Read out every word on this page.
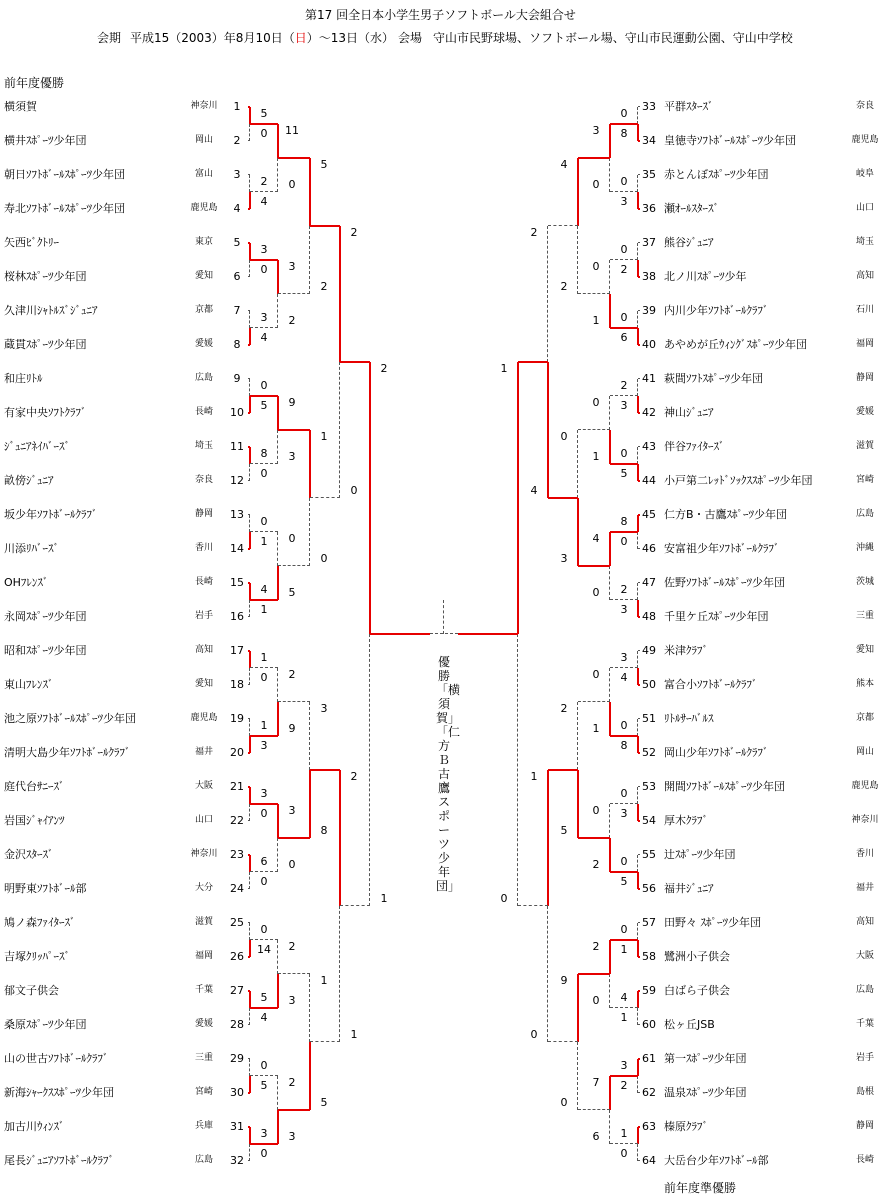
第17 回全日本小学生男子ソフトボール大会組合せ
会期 平成15（2003）年8月10日（日）～13日（水） 会場 守山市民野球場、ソフトボール場、守山市民運動公園、守山中学校
前年度優勝
前年度準優勝
優勝「横須賀」「仁方Ｂ古鷹スポーツ少年団」
横須賀	神奈川	1
横井ｽﾎﾟｰﾂ少年団	岡山	2
朝日ｿﾌﾄﾎﾞｰﾙｽﾎﾟｰﾂ少年団	富山	3
寿北ｿﾌﾄﾎﾞｰﾙｽﾎﾟｰﾂ少年団	鹿児島	4
矢西ﾋﾞｸﾄﾘｰ	東京	5
桜林ｽﾎﾟｰﾂ少年団	愛知	6
久津川ｼｬﾄﾙｽﾞｼﾞｭﾆｱ	京都	7
蔵貫ｽﾎﾟｰﾂ少年団	愛媛	8
和庄ﾘﾄﾙ	広島	9
有家中央ｿﾌﾄｸﾗﾌﾞ	長崎	10
ｼﾞｭﾆｱﾈｲﾊﾞｰｽﾞ	埼玉	11
畝傍ｼﾞｭﾆｱ	奈良	12
坂少年ｿﾌﾄﾎﾞｰﾙｸﾗﾌﾞ	静岡	13
川添ﾘﾊﾞｰｽﾞ	香川	14
OHﾌﾚﾝｽﾞ	長崎	15
永岡ｽﾎﾟｰﾂ少年団	岩手	16
昭和ｽﾎﾟｰﾂ少年団	高知	17
東山ﾌﾚﾝｽﾞ	愛知	18
池之原ｿﾌﾄﾎﾞｰﾙｽﾎﾟｰﾂ少年団	鹿児島	19
清明大島少年ｿﾌﾄﾎﾞｰﾙｸﾗﾌﾞ	福井	20
庭代台ｻﾆｰｽﾞ	大阪	21
岩国ｼﾞｬｲｱﾝﾂ	山口	22
金沢ｽﾀｰｽﾞ	神奈川	23
明野東ｿﾌﾄﾎﾞｰﾙ部	大分	24
鳩ノ森ﾌｧｲﾀｰｽﾞ	滋賀	25
吉塚ｸﾘｯﾊﾟｰｽﾞ	福岡	26
郁文子供会	千葉	27
桑原ｽﾎﾟｰﾂ少年団	愛媛	28
山の世古ｿﾌﾄﾎﾞｰﾙｸﾗﾌﾞ	三重	29
新海ｼｬｰｸｽｽﾎﾟｰﾂ少年団	宮崎	30
加古川ｳｨﾝｽﾞ	兵庫	31
尾長ｼﾞｭﾆｱｿﾌﾄﾎﾞｰﾙｸﾗﾌﾞ	広島	32
33 平群ｽﾀｰｽﾞ	奈良
34 皇徳寺ｿﾌﾄﾎﾞｰﾙｽﾎﾟｰﾂ少年団	鹿児島
35 赤とんぼｽﾎﾟｰﾂ少年団	岐阜
36 瀬ｵｰﾙｽﾀｰｽﾞ	山口
37 熊谷ｼﾞｭﾆｱ	埼玉
38 北ノ川ｽﾎﾟｰﾂ少年	高知
39 内川少年ｿﾌﾄﾎﾞｰﾙｸﾗﾌﾞ	石川
40 あやめが丘ｳｨﾝｸﾞｽﾎﾟｰﾂ少年団	福岡
41 萩間ｿﾌﾄｽﾎﾟｰﾂ少年団	静岡
42 神山ｼﾞｭﾆｱ	愛媛
43 伴谷ﾌｧｲﾀｰｽﾞ	滋賀
44 小戸第二ﾚｯﾄﾞｿｯｸｽｽﾎﾟｰﾂ少年団	宮崎
45 仁方B・古鷹ｽﾎﾟｰﾂ少年団	広島
46 安富祖少年ｿﾌﾄﾎﾞｰﾙｸﾗﾌﾞ	沖縄
47 佐野ｿﾌﾄﾎﾞｰﾙｽﾎﾟｰﾂ少年団	茨城
48 千里ケ丘ｽﾎﾟｰﾂ少年団	三重
49 米津ｸﾗﾌﾞ	愛知
50 富合小ｿﾌﾄﾎﾞｰﾙｸﾗﾌﾞ	熊本
51 ﾘﾄﾙｻｰﾊﾞﾙｽ	京都
52 岡山少年ｿﾌﾄﾎﾞｰﾙｸﾗﾌﾞ	岡山
53 開間ｿﾌﾄﾎﾞｰﾙｽﾎﾟｰﾂ少年団	鹿児島
54 厚木ｸﾗﾌﾞ	神奈川
55 辻ｽﾎﾟｰﾂ少年団	香川
56 福井ｼﾞｭﾆｱ	福井
57 田野々 ｽﾎﾟｰﾂ少年団	高知
58 鷺洲小子供会	大阪
59 白ばら子供会	広島
60 松ヶ丘JSB	千葉
61 第一ｽﾎﾟｰﾂ少年団	岩手
62 温泉ｽﾎﾟｰﾂ少年団	島根
63 榛原ｸﾗﾌﾞ	静岡
64 大岳台少年ｿﾌﾄﾎﾞｰﾙ部	長崎
5
0
2
4
3
0
3
4
0
5
8
0
0
1
4
1
1
0
1
3
3
0
6
0
0
14
5
4
0
5
3
0
11
0
3
2
9
3
0
5
2
9
3
0
2
3
2
3
5
2
1
0
3
8
1
5
2
0
2
1
2
1
0
8
0
3
0
2
0
6
2
3
0
5
8
0
2
3
3
4
0
8
0
3
0
5
0
1
4
1
3
2
1
0
3
0
0
1
0
1
4
0
0
1
0
2
2
0
7
6
4
2
0
3
2
5
9
0
2
4
1
0
1
0
